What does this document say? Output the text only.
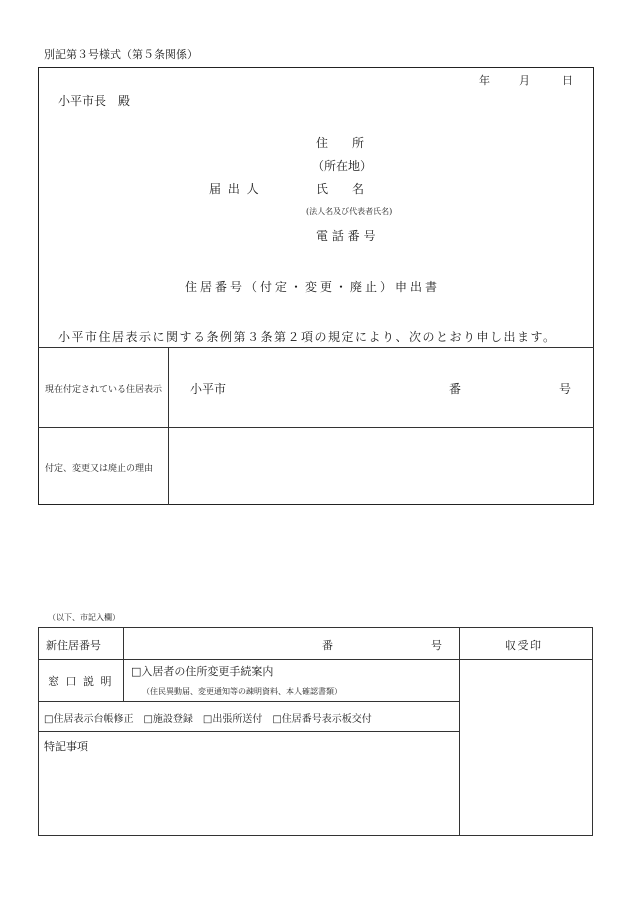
別記第３号様式（第５条関係）
年	月	日
小平市長　殿
住　　所
（所在地）
届 出 人	氏　　名
(法人名及び代表者氏名)
電 話 番 号
住居番号（付定・変更・廃止）申出書
小平市住居表示に関する条例第３条第２項の規定により、次のとおり申し出ます。
現在付定されている住居表示 小平市	番	号
付定、変更又は廃止の理由
（以下、市記入欄）
新住居番号	番	号	収受印
窓 口 説 明
□入居者の住所変更手続案内
（住民異動届、変更通知等の疎明資料、本人確認書類）
□住居表示台帳修正　□施設登録　□出張所送付　□住居番号表示板交付
特記事項
